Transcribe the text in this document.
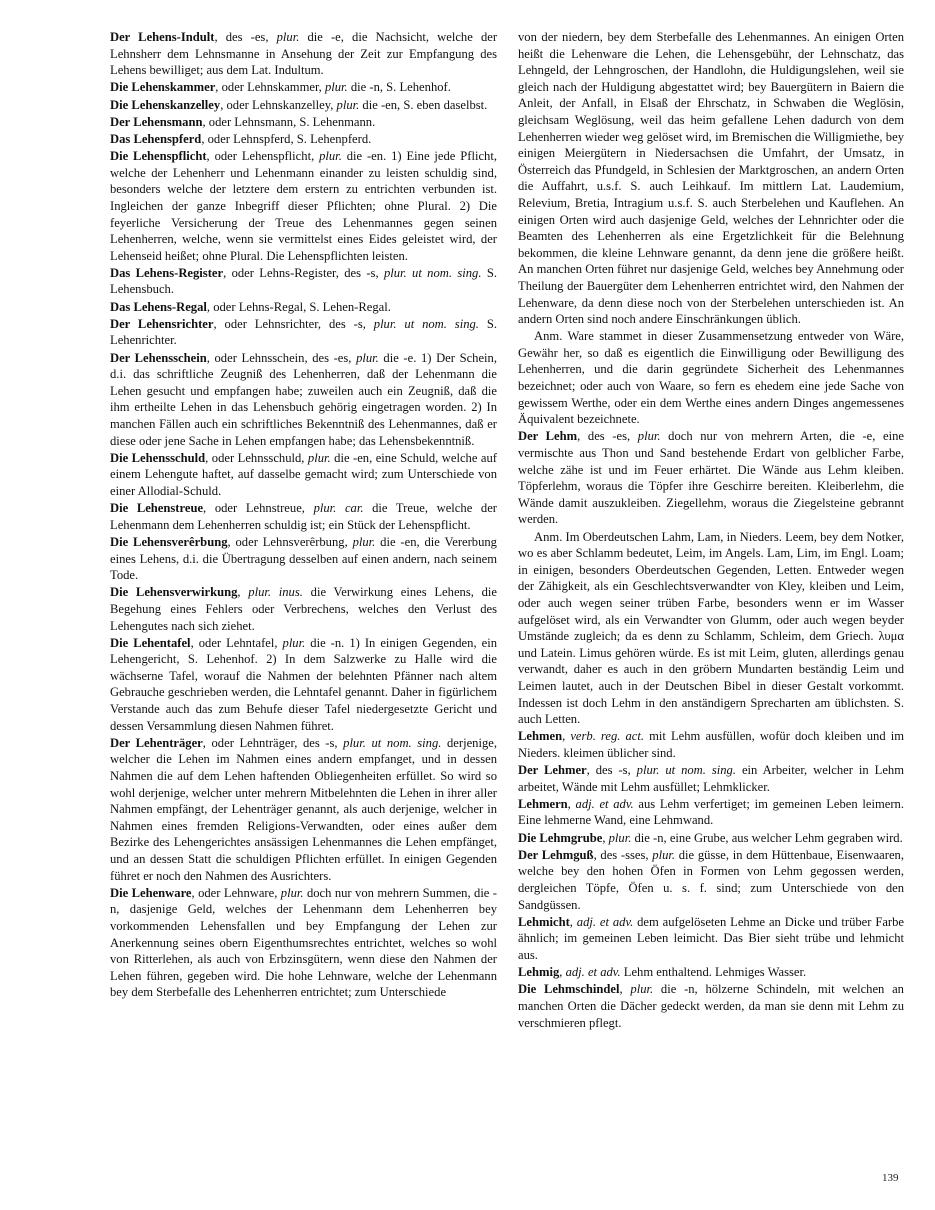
Der Lehens-Indult, des -es, plur. die -e, die Nachsicht, welche der Lehnsherr dem Lehnsmanne in Ansehung der Zeit zur Empfangung des Lehens bewilliget; aus dem Lat. Indultum.

Die Lehenskammer, oder Lehnskammer, plur. die -n, S. Lehenhof.

Die Lehenskanzelley, oder Lehnskanzelley, plur. die -en, S. eben daselbst.

Der Lehensmann, oder Lehnsmann, S. Lehenmann.

Das Lehenspferd, oder Lehnspferd, S. Lehenpferd.

Die Lehenspflicht, oder Lehenspflicht, plur. die -en. 1) Eine jede Pflicht, welche der Lehenherr und Lehenmann einander zu leisten schuldig sind, besonders welche der letztere dem erstern zu entrichten verbunden ist. Ingleichen der ganze Inbegriff dieser Pflichten; ohne Plural. 2) Die feyerliche Versicherung der Treue des Lehenmannes gegen seinen Lehenherren, welche, wenn sie vermittelst eines Eides geleistet wird, der Lehenseid heißet; ohne Plural. Die Lehenspflichten leisten.

Das Lehens-Register, oder Lehns-Register, des -s, plur. ut nom. sing. S. Lehensbuch.

Das Lehens-Regal, oder Lehns-Regal, S. Lehen-Regal.

Der Lehensrichter, oder Lehnsrichter, des -s, plur. ut nom. sing. S. Lehenrichter.

Der Lehensschein, oder Lehnsschein, des -es, plur. die -e. 1) Der Schein, d.i. das schriftliche Zeugniß des Lehenherren, daß der Lehenmann die Lehen gesucht und empfangen habe; zuweilen auch ein Zeugniß, daß die ihm ertheilte Lehen in das Lehensbuch gehörig eingetragen worden. 2) In manchen Fällen auch ein schriftliches Bekenntniß des Lehenmannes, daß er diese oder jene Sache in Lehen empfangen habe; das Lehensbekenntniß.

Die Lehensschuld, oder Lehnsschuld, plur. die -en, eine Schuld, welche auf einem Lehengute haftet, auf dasselbe gemacht wird; zum Unterschiede von einer Allodial-Schuld.

Die Lehenstreue, oder Lehnstreue, plur. car. die Treue, welche der Lehenmann dem Lehenherren schuldig ist; ein Stück der Lehenspflicht.

Die Lehensverêrbung, oder Lehnsverêrbung, plur. die -en, die Vererbung eines Lehens, d.i. die Übertragung desselben auf einen andern, nach seinem Tode.

Die Lehensverwirkung, plur. inus. die Verwirkung eines Lehens, die Begehung eines Fehlers oder Verbrechens, welches den Verlust des Lehengutes nach sich ziehet.

Die Lehentafel, oder Lehntafel, plur. die -n. 1) In einigen Gegenden, ein Lehengericht, S. Lehenhof. 2) In dem Salzwerke zu Halle wird die wächserne Tafel, worauf die Nahmen der belehnten Pfänner nach altem Gebrauche geschrieben werden, die Lehntafel genannt. Daher in figürlichem Verstande auch das zum Behufe dieser Tafel niedergesetzte Gericht und dessen Versammlung diesen Nahmen führet.

Der Lehenträger, oder Lehnträger, des -s, plur. ut nom. sing. derjenige, welcher die Lehen im Nahmen eines andern empfanget, und in dessen Nahmen die auf dem Lehen haftenden Obliegenheiten erfüllet. So wird so wohl derjenige, welcher unter mehrern Mitbelehnten die Lehen in ihrer aller Nahmen empfängt, der Lehenträger genannt, als auch derjenige, welcher in Nahmen eines fremden Religions-Verwandten, oder eines außer dem Bezirke des Lehengerichtes ansässigen Lehenmannes die Lehen empfänget, und an dessen Statt die schuldigen Pflichten erfüllet. In einigen Gegenden führet er noch den Nahmen des Ausrichters.

Die Lehenware, oder Lehnware, plur. doch nur von mehrern Summen, die -n, dasjenige Geld, welches der Lehenmann dem Lehenherren bey vorkommenden Lehensfallen und bey Empfangung der Lehen zur Anerkennung seines obern Eigenthumsrechtes entrichtet, welches so wohl von Ritterlehen, als auch von Erbzinsgütern, wenn diese den Nahmen der Lehen führen, gegeben wird. Die hohe Lehnware, welche der Lehenmann bey dem Sterbefalle des Lehenherren entrichtet; zum Unterschiede

von der niedern, bey dem Sterbefalle des Lehenmannes. An einigen Orten heißt die Lehenware die Lehen, die Lehensgebühr, der Lehnschatz, das Lehngeld, der Lehngroschen, der Handlohn, die Huldigungslehen, weil sie gleich nach der Huldigung abgestattet wird; bey Bauergütern in Baiern die Anleit, der Anfall, in Elsaß der Ehrschatz, in Schwaben die Weglösin, gleichsam Weglösung, weil das heim gefallene Lehen dadurch von dem Lehenherren wieder weg gelöset wird, im Bremischen die Willigmiethe, bey einigen Meiergütern in Niedersachsen die Umfahrt, der Umsatz, in Österreich das Pfundgeld, in Schlesien der Marktgroschen, an andern Orten die Auffahrt, u.s.f. S. auch Leihkauf. Im mittlern Lat. Laudemium, Relevium, Bretia, Intragium u.s.f. S. auch Sterbelehen und Kauflehen. An einigen Orten wird auch dasjenige Geld, welches der Lehnrichter oder die Beamten des Lehenherren als eine Ergetzlichkeit für die Belehnung bekommen, die kleine Lehnware genannt, da denn jene die größere heißt. An manchen Orten führet nur dasjenige Geld, welches bey Annehmung oder Theilung der Bauergüter dem Lehenherren entrichtet wird, den Nahmen der Lehenware, da denn diese noch von der Sterbelehen unterschieden ist. An andern Orten sind noch andere Einschränkungen üblich.

Anm. Ware stammet in dieser Zusammensetzung entweder von Wäre, Gewähr her, so daß es eigentlich die Einwilligung oder Bewilligung des Lehenherren, und die darin gegründete Sicherheit des Lehenmannes bezeichnet; oder auch von Waare, so fern es ehedem eine jede Sache von gewissem Werthe, oder ein dem Werthe eines andern Dinges angemessenes Äquivalent bezeichnete.

Der Lehm, des -es, plur. doch nur von mehrern Arten, die -e, eine vermischte aus Thon und Sand bestehende Erdart von gelblicher Farbe, welche zähe ist und im Feuer erhärtet. Die Wände aus Lehm kleiben. Töpferlehm, woraus die Töpfer ihre Geschirre bereiten. Kleiberlehm, die Wände damit auszukleiben. Ziegellehm, woraus die Ziegelsteine gebrannt werden.

Anm. Im Oberdeutschen Lahm, Lam, in Nieders. Leem, bey dem Notker, wo es aber Schlamm bedeutet, Leim, im Angels. Lam, Lim, im Engl. Loam; in einigen, besonders Oberdeutschen Gegenden, Letten. Entweder wegen der Zähigkeit, als ein Geschlechtsverwandter von Kley, kleiben und Leim, oder auch wegen seiner trüben Farbe, besonders wenn er im Wasser aufgelöset wird, als ein Verwandter von Glumm, oder auch wegen beyder Umstände zugleich; da es denn zu Schlamm, Schleim, dem Griech. λυμα und Latein. Limus gehören würde. Es ist mit Leim, gluten, allerdings genau verwandt, daher es auch in den gröbern Mundarten beständig Leim und Leimen lautet, auch in der Deutschen Bibel in dieser Gestalt vorkommt. Indessen ist doch Lehm in den anständigern Sprecharten am üblichsten. S. auch Letten.

Lehmen, verb. reg. act. mit Lehm ausfüllen, wofür doch kleiben und im Nieders. kleimen üblicher sind.

Der Lehmer, des -s, plur. ut nom. sing. ein Arbeiter, welcher in Lehm arbeitet, Wände mit Lehm ausfüllet; Lehmklicker.

Lehmern, adj. et adv. aus Lehm verfertiget; im gemeinen Leben leimern. Eine lehmerne Wand, eine Lehmwand.

Die Lehmgrube, plur. die -n, eine Grube, aus welcher Lehm gegraben wird.

Der Lehmguß, des -sses, plur. die güsse, in dem Hüttenbaue, Eisenwaaren, welche bey den hohen Öfen in Formen von Lehm gegossen werden, dergleichen Töpfe, Öfen u. s. f. sind; zum Unterschiede von den Sandgüssen.

Lehmicht, adj. et adv. dem aufgelöseten Lehme an Dicke und trüber Farbe ähnlich; im gemeinen Leben leimicht. Das Bier sieht trübe und lehmicht aus.

Lehmig, adj. et adv. Lehm enthaltend. Lehmiges Wasser.

Die Lehmschindel, plur. die -n, hölzerne Schindeln, mit welchen an manchen Orten die Dächer gedeckt werden, da man sie denn mit Lehm zu verschmieren pflegt.

139
